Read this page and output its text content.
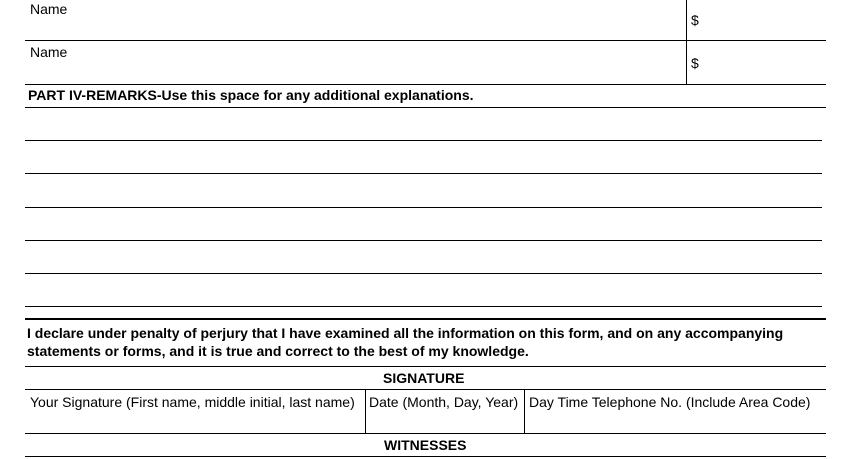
Name
$
Name
$
PART IV-REMARKS-Use this space for any additional explanations.
I declare under penalty of perjury that I have examined all the information on this form, and on any accompanying
statements or forms, and it is true and correct to the best of my knowledge.
SIGNATURE
Your Signature (First name, middle initial, last name) Date (Month, Day, Year) Day Time Telephone No. (Include Area Code)
WITNESSES
